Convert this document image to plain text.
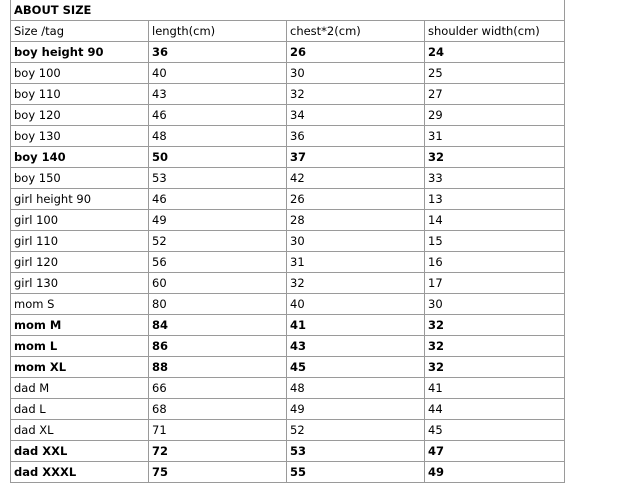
ABOUT SIZE			
Size /tag	length(cm)	chest*2(cm)	shoulder width(cm)
boy height 90	36	26	24
boy 100	40	30	25
boy 110	43	32	27
boy 120	46	34	29
boy 130	48	36	31
boy 140	50	37	32
boy 150	53	42	33
girl height 90	46	26	13
girl 100	49	28	14
girl 110	52	30	15
girl 120	56	31	16
girl 130	60	32	17
mom S	80	40	30
mom M	84	41	32
mom L	86	43	32
mom XL	88	45	32
dad M	66	48	41
dad L	68	49	44
dad XL	71	52	45
dad XXL	72	53	47
dad XXXL	75	55	49
